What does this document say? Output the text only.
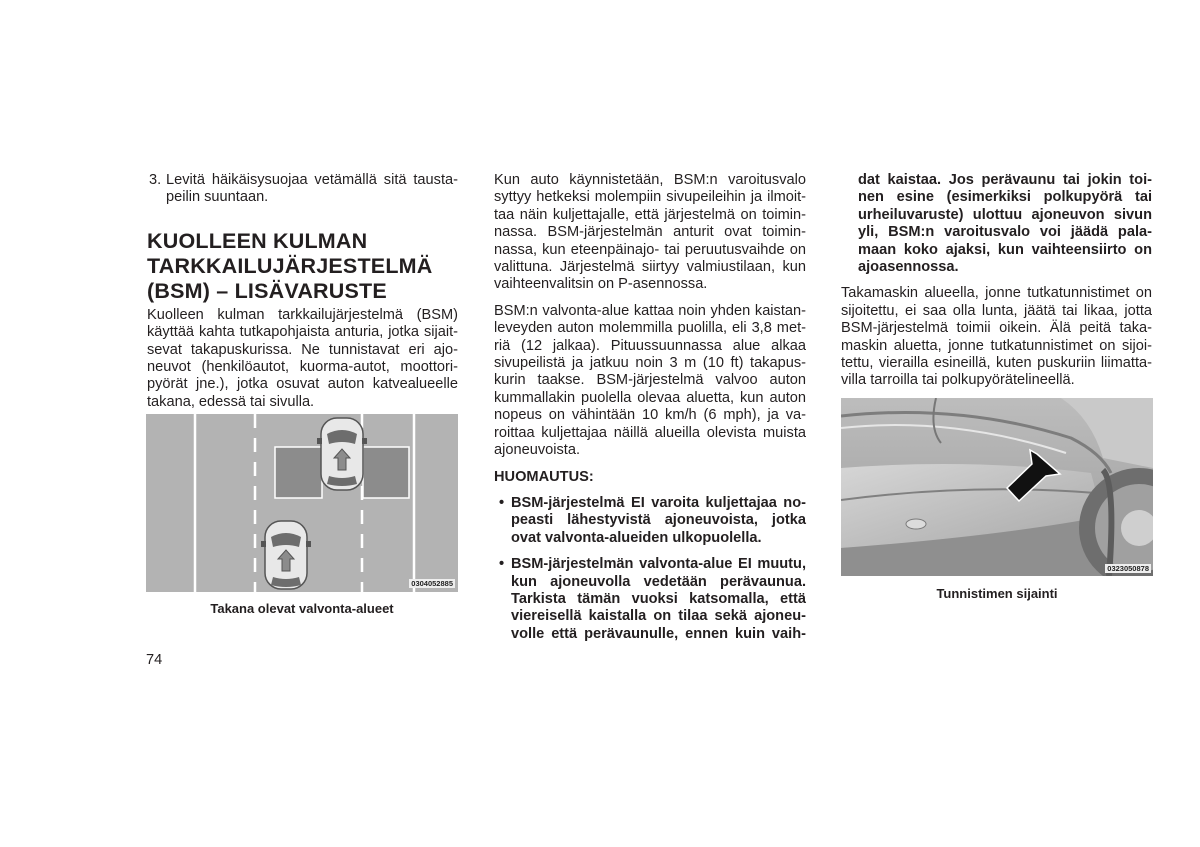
3. Levitä häikäisysuojaa vetämällä sitä tausta-
peilin suuntaan.
KUOLLEEN KULMAN
TARKKAILUJÄRJESTELMÄ
(BSM) – LISÄVARUSTE

Kuolleen kulman tarkkailujärjestelmä (BSM)
käyttää kahta tutkapohjaista anturia, jotka sijait-
sevat takapuskurissa. Ne tunnistavat eri ajo-
neuvot (henkilöautot, kuorma-autot, moottori-
pyörät jne.), jotka osuvat auton katvealueelle
takana, edessä tai sivulla.

0304052885
Takana olevat valvonta-alueet

Kun auto käynnistetään, BSM:n varoitusvalo
syttyy hetkeksi molempiin sivupeileihin ja ilmoit-
taa näin kuljettajalle, että järjestelmä on toimin-
nassa. BSM-järjestelmän anturit ovat toimin-
nassa, kun eteenpäinajo- tai peruutusvaihde on
valittuna. Järjestelmä siirtyy valmiustilaan, kun
vaihteenvalitsin on P-asennossa.

BSM:n valvonta-alue kattaa noin yhden kaistan-
leveyden auton molemmilla puolilla, eli 3,8 met-
riä (12 jalkaa). Pituussuunnassa alue alkaa
sivupeilistä ja jatkuu noin 3 m (10 ft) takapus-
kurin taakse. BSM-järjestelmä valvoo auton
kummallakin puolella olevaa aluetta, kun auton
nopeus on vähintään 10 km/h (6 mph), ja va-
roittaa kuljettajaa näillä alueilla olevista muista
ajoneuvoista.

HUOMAUTUS:

• BSM-järjestelmä EI varoita kuljettajaa no-
peasti lähestyvistä ajoneuvoista, jotka
ovat valvonta-alueiden ulkopuolella.
• BSM-järjestelmän valvonta-alue EI muutu,
kun ajoneuvolla vedetään perävaunua.
Tarkista tämän vuoksi katsomalla, että
viereisellä kaistalla on tilaa sekä ajoneu-
volle että perävaunulle, ennen kuin vaih-
dat kaistaa. Jos perävaunu tai jokin toi-
nen esine (esimerkiksi polkupyörä tai
urheiluvaruste) ulottuu ajoneuvon sivun
yli, BSM:n varoitusvalo voi jäädä pala-
maan koko ajaksi, kun vaihteensiirto on
ajoasennossa.

Takamaskin alueella, jonne tutkatunnistimet on
sijoitettu, ei saa olla lunta, jäätä tai likaa, jotta
BSM-järjestelmä toimii oikein. Älä peitä taka-
maskin aluetta, jonne tutkatunnistimet on sijoi-
tettu, vierailla esineillä, kuten puskuriin liimatta-
villa tarroilla tai polkupyörätelineellä.

0323050878
Tunnistimen sijainti
74
